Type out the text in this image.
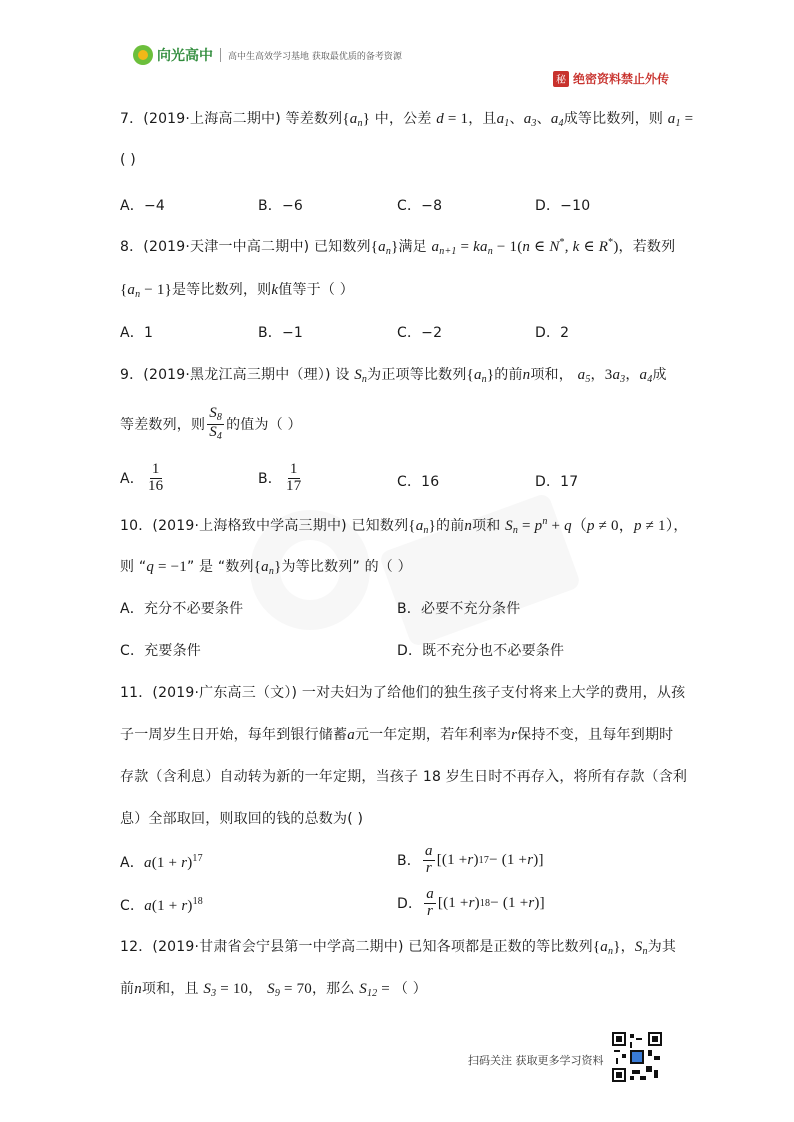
向光高中 高中生高效学习基地 获取最优质的备考资源
秘 绝密资料禁止外传
7．(2019·上海高二期中) 等差数列$\{a_n\}$ 中，公差 d = 1，且$a_1$、$a_3$、$a_4$成等比数列，则 $a_1$ =
( )
A．−4	B．−6	C．−8	D．−10
8．(2019·天津一中高二期中) 已知数列$\{a_n\}$满足 $a_{n+1} = ka_n - 1(n$ ∈ N*, k ∈ R*)，若数列
$\{a_n - 1\}$是等比数列，则k值等于（ ）
A．1	B．−1	C．−2	D．2
9．(2019·黑龙江高三期中（理）) 设 $S_n$为正项等比数列$\{a_n\}$的前n项和， $a_5$，$3a_3$，$a_4$成
等差数列，则 $\frac{S_8}{S_4}$ 的值为（ ）
A． $\frac{1}{16}$	B． $\frac{1}{17}$	C．16	D．17
10．(2019·上海格致中学高三期中) 已知数列$\{a_n\}$的前n项和 $S_n = p^n + q(p \ne 0$，p ≠ 1），
则 “q = −1” 是 “数列$\{a_n\}$为等比数列” 的（ ）
A．充分不必要条件	B．必要不充分条件
C．充要条件	D．既不充分也不必要条件
11．(2019·广东高三（文）) 一对夫妇为了给他们的独生孩子支付将来上大学的费用，从孩
子一周岁生日开始，每年到银行储蓄a元一年定期，若年利率为r保持不变，且每年到期时
存款（含利息）自动转为新的一年定期，当孩子 18 岁生日时不再存入，将所有存款（含利
息）全部取回，则取回的钱的总数为( )
A．$a(1 + r)^{17}$	B． $\frac{a}{r} [(1 + r$ ) 17 − (1 + r )]
C．$a(1 + r)^{18}$	D． $\frac{a}{r} [(1 + r$ ) 18 − (1 + r )]
12．(2019·甘肃省会宁县第一中学高二期中) 已知各项都是正数的等比数列$\{a_n\}$，$S_n$为其
前n项和，且 $S_3 = 10$， $S_9 = 70$，那么 $S_{12}$ = （ ）
扫码关注 获取更多学习资料
